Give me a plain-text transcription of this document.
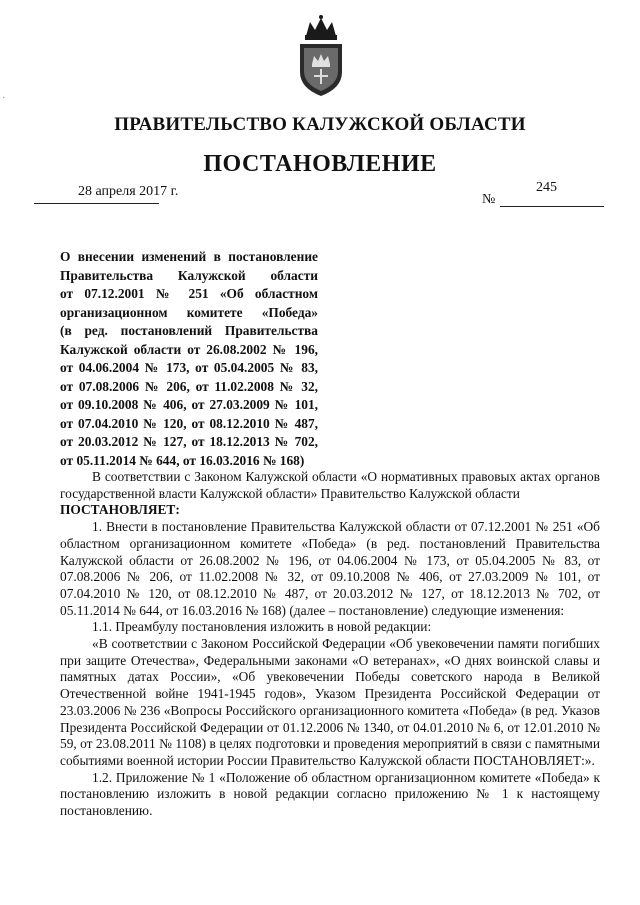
˙
ПРАВИТЕЛЬСТВО КАЛУЖСКОЙ ОБЛАСТИ
ПОСТАНОВЛЕНИЕ
28 апреля 2017 г.
№
245
О внесении изменений в постановление
Правительства Калужской области
от 07.12.2001 № 251 «Об областном
организационном комитете «Победа»
(в ред. постановлений Правительства
Калужской области от 26.08.2002 № 196,
от 04.06.2004 № 173, от 05.04.2005 № 83,
от 07.08.2006 № 206, от 11.02.2008 № 32,
от 09.10.2008 № 406, от 27.03.2009 № 101,
от 07.04.2010 № 120, от 08.12.2010 № 487,
от 20.03.2012 № 127, от 18.12.2013 № 702,
от 05.11.2014 № 644, от 16.03.2016 № 168)

В соответствии с Законом Калужской области «О нормативных правовых актах органов государственной власти Калужской области» Правительство Калужской области

ПОСТАНОВЛЯЕТ:

1. Внести в постановление Правительства Калужской области от 07.12.2001 № 251 «Об областном организационном комитете «Победа» (в ред. постановлений Правительства Калужской области от 26.08.2002 № 196, от 04.06.2004 № 173, от 05.04.2005 № 83, от 07.08.2006 № 206, от 11.02.2008 № 32, от 09.10.2008 № 406, от 27.03.2009 № 101, от 07.04.2010 № 120, от 08.12.2010 № 487, от 20.03.2012 № 127, от 18.12.2013 № 702, от 05.11.2014 № 644, от 16.03.2016 № 168) (далее – постановление) следующие изменения:

1.1. Преамбулу постановления изложить в новой редакции:

«В соответствии с Законом Российской Федерации «Об увековечении памяти погибших при защите Отечества», Федеральными законами «О ветеранах», «О днях воинской славы и памятных датах России», «Об увековечении Победы советского народа в Великой Отечественной войне 1941-1945 годов», Указом Президента Российской Федерации от 23.03.2006 № 236 «Вопросы Российского организационного комитета «Победа» (в ред. Указов Президента Российской Федерации от 01.12.2006 № 1340, от 04.01.2010 № 6, от 12.01.2010 № 59, от 23.08.2011 № 1108) в целях подготовки и проведения мероприятий в связи с памятными событиями военной истории России Правительство Калужской области ПОСТАНОВЛЯЕТ:».

1.2. Приложение № 1 «Положение об областном организационном комитете «Победа» к постановлению изложить в новой редакции согласно приложению № 1 к настоящему постановлению.
